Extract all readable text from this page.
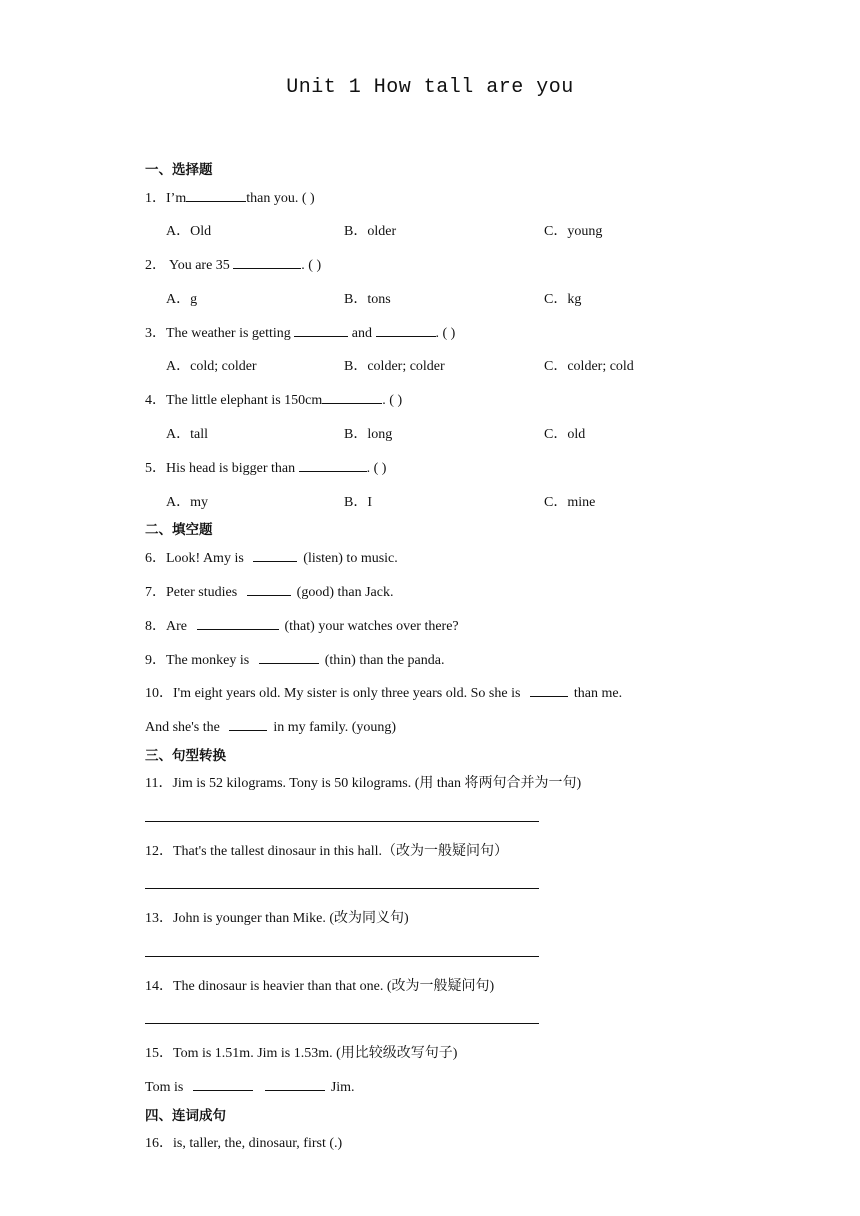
Unit 1 How tall are you
一、选择题
1．I’m	than you. ( )
A．Old	B．older	C．young
2． You are 35	. ( )
A．g	B．tons	C．kg
3．The weather is getting	and	. ( )
A．cold; colder	B．colder; colder	C．colder; cold
4．The little elephant is 150cm	. ( )
A．tall	B．long	C．old
5．His head is bigger than	. ( )
A．my	B．I	C．mine
二、填空题
6．Look! Amy is	(listen) to music.
7．Peter studies	(good) than Jack.
8．Are	(that) your watches over there?
9．The monkey is	(thin) than the panda.
10．I'm eight years old. My sister is only three years old. So she is	than me.
And she's the	in my family. (young)
三、句型转换
11．Jim is 52 kilograms. Tony is 50 kilograms. (用 than 将两句合并为一句)
12．That's the tallest dinosaur in this hall.（改为一般疑问句）
13．John is younger than Mike. (改为同义句)
14．The dinosaur is heavier than that one. (改为一般疑问句)
15．Tom is 1.51m. Jim is 1.53m. (用比较级改写句子)
Tom is	Jim.
四、连词成句
16．is, taller, the, dinosaur, first (.)
